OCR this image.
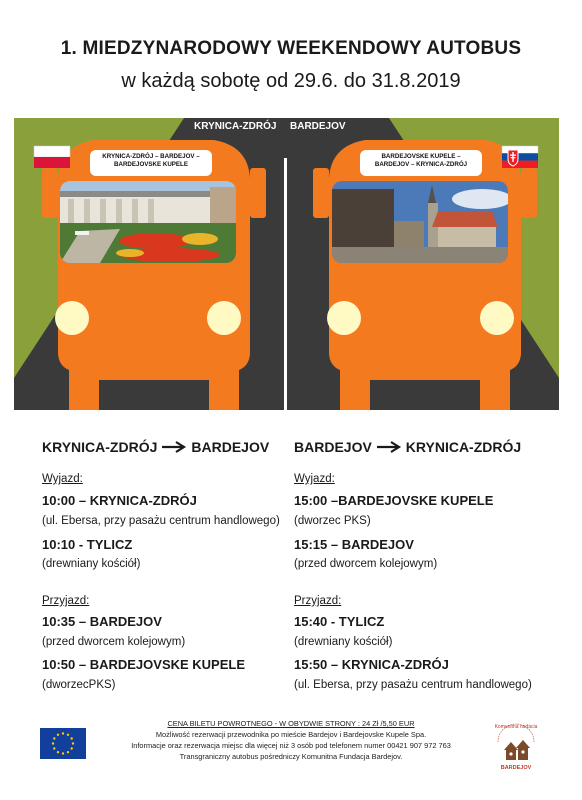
1. MIEDZYNARODOWY WEEKENDOWY AUTOBUS
w każdą sobotę od 29.6. do 31.8.2019
KRYNICA-ZDRÓJ BARDEJOV
KRYNICA-ZDRÓJ – BARDEJOV –
BARDEJOVSKE KUPELE
BARDEJOVSKE KUPELE –
BARDEJOV – KRYNICA-ZDRÓJ
KRYNICA-ZDRÓJ BARDEJOV
Wyjazd:
10:00 – KRYNICA-ZDRÓJ
(ul. Ebersa, przy pasażu centrum handlowego)
10:10 - TYLICZ
(drewniany kościół)
Przyjazd:
10:35 – BARDEJOV
(przed dworcem kolejowym)
10:50 – BARDEJOVSKE KUPELE
(dworzecPKS)
BARDEJOV KRYNICA-ZDRÓJ
Wyjazd:
15:00 –BARDEJOVSKE KUPELE
(dworzec PKS)
15:15 – BARDEJOV
(przed dworcem kolejowym)
Przyjazd:
15:40 - TYLICZ
(drewniany kościół)
15:50 – KRYNICA-ZDRÓJ
(ul. Ebersa, przy pasażu centrum handlowego)
CENA BILETU POWROTNEGO - W OBYDWIE STRONY : 24 Zł /5,50 EUR
Możliwość rezerwacji przewodnika po mieście Bardejov i Bardejovske Kupele Spa.
Informacje oraz rezerwacja miejsc dla więcej niż 3 osób pod telefonem numer 00421 907 972 763
Transgraniczny autobus pośredniczy Komunitna Fundacja Bardejov.
Komunitná nadácia
BARDEJOV
